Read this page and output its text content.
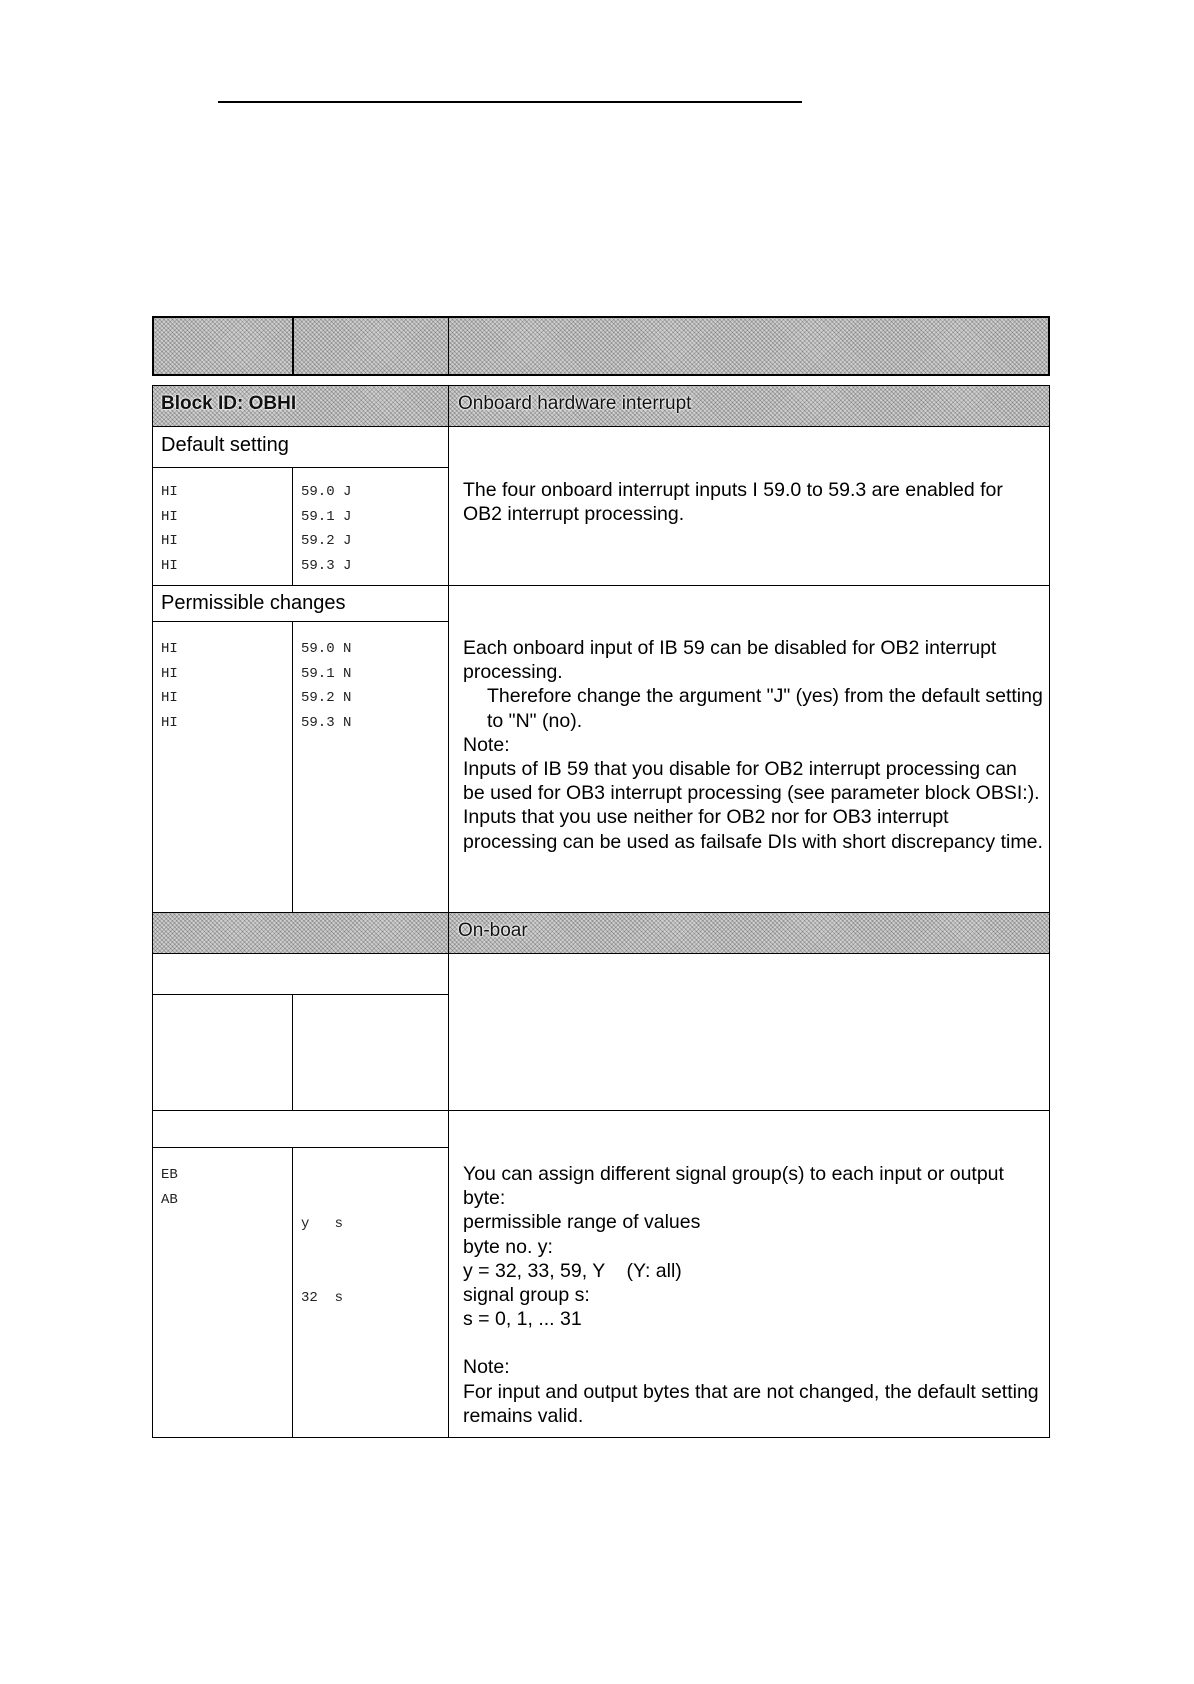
Block ID: OBHI	Onboard hardware interrupt
Default setting
HI
HI
HI
HI
59.0 J
59.1 J
59.2 J
59.3 J

The four onboard interrupt inputs I 59.0 to 59.3 are enabled for OB2 interrupt processing.

Permissible changes
HI
HI
HI
HI
59.0 N
59.1 N
59.2 N
59.3 N

Each onboard input of IB 59 can be disabled for OB2 interrupt processing.

Therefore change the argument "J" (yes) from the default setting to "N" (no).

Note:

Inputs of IB 59 that you disable for OB2 interrupt processing can be used for OB3 interrupt processing (see parameter block OBSI:). Inputs that you use neither for OB2 nor for OB3 interrupt processing can be used as failsafe DIs with short discrepancy time.

On-boar
EB
AB

y   s

32  s

You can assign different signal group(s) to each input or output byte:

permissible range of values

byte no. y:

y = 32, 33, 59, Y    (Y: all)

signal group s:

s = 0, 1, ... 31

Note:

For input and output bytes that are not changed, the default setting remains valid.
